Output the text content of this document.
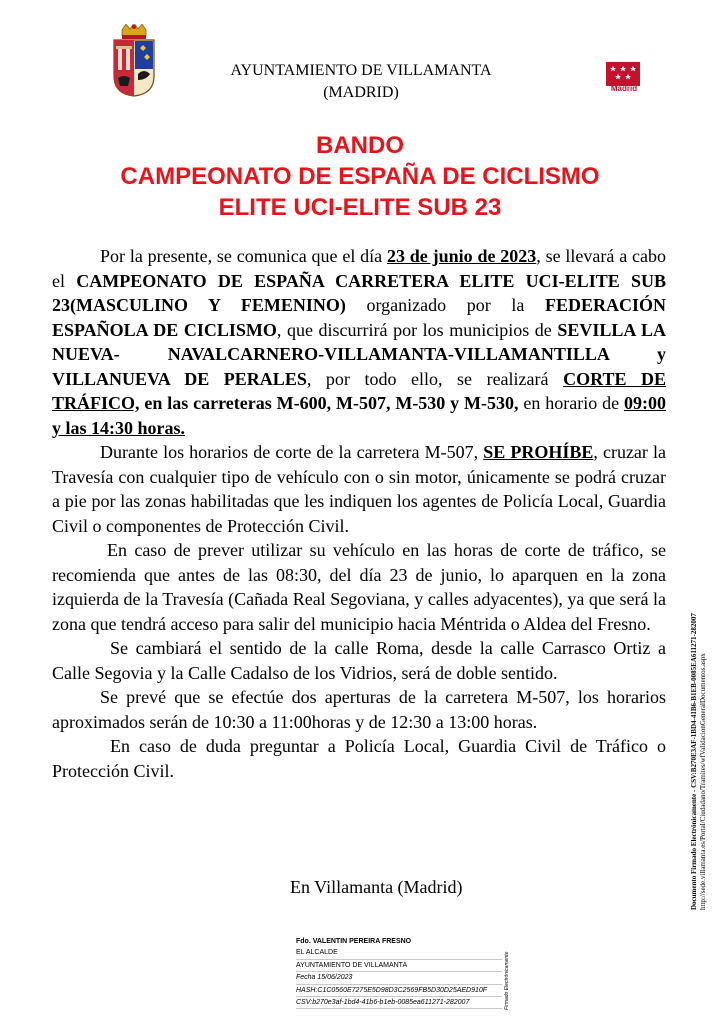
Madrid
AYUNTAMIENTO DE VILLAMANTA
(MADRID)
BANDO
CAMPEONATO DE ESPAÑA DE CICLISMO
ELITE UCI-ELITE SUB 23

Por la presente, se comunica que el día 23 de junio de 2023, se llevará a cabo el CAMPEONATO DE ESPAÑA CARRETERA ELITE UCI-ELITE SUB 23(MASCULINO Y FEMENINO) organizado por la FEDERACIÓN ESPAÑOLA DE CICLISMO, que discurrirá por los municipios de SEVILLA LA NUEVA- NAVALCARNERO-VILLAMANTA-VILLAMANTILLA y VILLANUEVA DE PERALES, por todo ello, se realizará CORTE DE TRÁFICO, en las carreteras M-600, M-507, M-530 y M-530, en horario de 09:00 y las 14:30 horas.

Durante los horarios de corte de la carretera M-507, SE PROHÍBE, cruzar la Travesía con cualquier tipo de vehículo con o sin motor, únicamente se podrá cruzar a pie por las zonas habilitadas que les indiquen los agentes de Policía Local, Guardia Civil o componentes de Protección Civil.

En caso de prever utilizar su vehículo en las horas de corte de tráfico, se recomienda que antes de las 08:30, del día 23 de junio, lo aparquen en la zona izquierda de la Travesía (Cañada Real Segoviana, y calles adyacentes), ya que será la zona que tendrá acceso para salir del municipio hacia Méntrida o Aldea del Fresno.

Se cambiará el sentido de la calle Roma, desde la calle Carrasco Ortiz a Calle Segovia y la Calle Cadalso de los Vidrios, será de doble sentido.

Se prevé que se efectúe dos aperturas de la carretera M-507, los horarios aproximados serán de 10:30 a 11:00horas y de 12:30 a 13:00 horas.

En caso de duda preguntar a Policía Local, Guardia Civil de Tráfico o Protección Civil.

En Villamanta (Madrid)	Documento Firmado Electrónicamente - CSV:B270E3AF-1BD4-41B6-B1EB-0085EA611271-282007 http://sede.villamanta.es/Portal/Ciudadano/Tramites/wfValidacionGeneralDocumentos.aspx
Fdo. VALENTIN PEREIRA FRESNO
EL ALCALDE
AYUNTAMIENTO DE VILLAMANTA
Fecha 15/06/2023
HASH:C1C0560E7275E5D98D3C2569FB5D30D25AED910F
CSV:b270e3af-1bd4-41b6-b1eb-0085ea611271-282007	Firmado Electrónicamente
